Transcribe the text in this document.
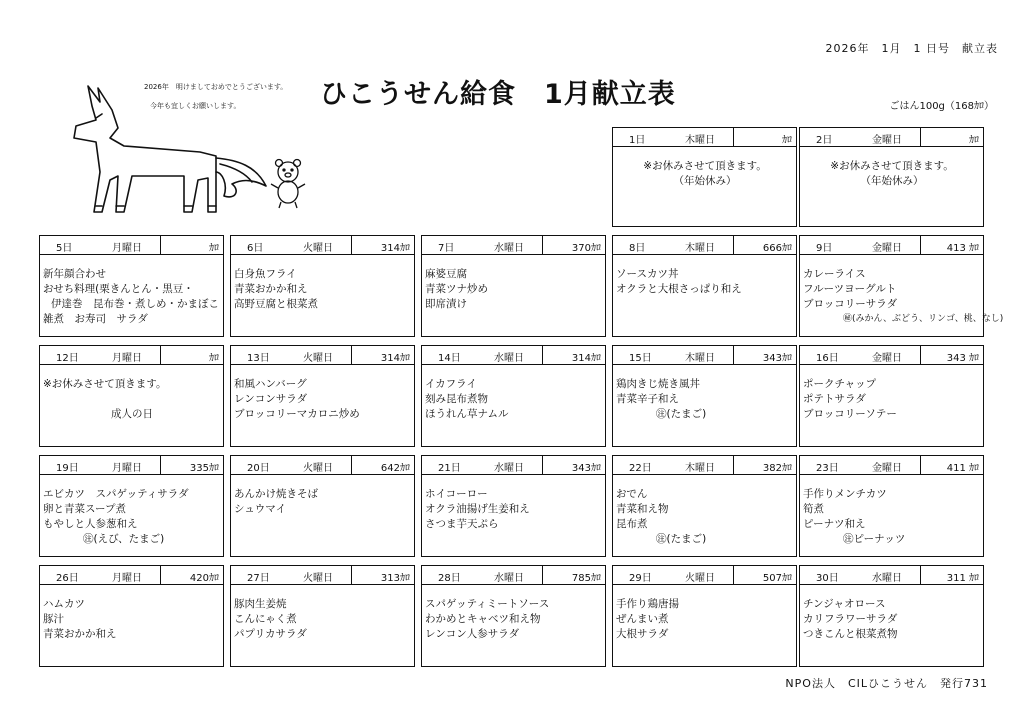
2026年　1月　1 日号　献立表
2026年　明けましておめでとうございます。
今年も宜しくお願いします。	ひこうせん給食　1月献立表	ごはん100g（168ｶﾛ）
NPO法人　CILひこうせん　発行731
1日	木曜日	ｶﾛ
※お休みさせて頂きます。
（年始休み）
2日	金曜日	ｶﾛ
※お休みさせて頂きます。
（年始休み）
5日	月曜日	ｶﾛ
新年顔合わせ
おせち料理(栗きんとん・黒豆・
伊達巻　昆布巻・煮しめ・かまぼこ
雑煮　お寿司　サラダ
6日	火曜日	314ｶﾛ
白身魚フライ
青菜おかか和え
高野豆腐と根菜煮
7日	水曜日	370ｶﾛ
麻婆豆腐
青菜ツナ炒め
即席漬け
8日	木曜日	666ｶﾛ
ソースカツ丼
オクラと大根さっぱり和え
9日	金曜日	413 ｶﾛ
カレーライス
フルーツヨーグルト
ブロッコリーサラダ
㊙(みかん、ぶどう、リンゴ、桃、なし)
12日	月曜日	ｶﾛ
※お休みさせて頂きます。
成人の日
13日	火曜日	314ｶﾛ
和風ハンバーグ
レンコンサラダ
ブロッコリーマカロニ炒め
14日	水曜日	314ｶﾛ
イカフライ
刻み昆布煮物
ほうれん草ナムル
15日	木曜日	343ｶﾛ
鶏肉きじ焼き風丼
青菜辛子和え
㊟(たまご)
16日	金曜日	343 ｶﾛ
ポークチャップ
ポテトサラダ
ブロッコリーソテー
19日	月曜日	335ｶﾛ
エビカツ　スパゲッティサラダ
卵と青菜スープ煮
もやしと人参葱和え
㊟(えび、たまご)
20日	火曜日	642ｶﾛ
あんかけ焼きそば
シュウマイ
21日	水曜日	343ｶﾛ
ホイコーロー
オクラ油揚げ生姜和え
さつま芋天ぷら
22日	木曜日	382ｶﾛ
おでん
青菜和え物
昆布煮
㊟(たまご)
23日	金曜日	411 ｶﾛ
手作りメンチカツ
筍煮
ピーナツ和え
㊟ピーナッツ
26日	月曜日	420ｶﾛ
ハムカツ
豚汁
青菜おかか和え
27日	火曜日	313ｶﾛ
豚肉生姜焼
こんにゃく煮
パプリカサラダ
28日	水曜日	785ｶﾛ
スパゲッティミートソース
わかめとキャベツ和え物
レンコン人参サラダ
29日	火曜日	507ｶﾛ
手作り鶏唐揚
ぜんまい煮
大根サラダ
30日	水曜日	311 ｶﾛ
チンジャオロース
カリフラワーサラダ
つきこんと根菜煮物
